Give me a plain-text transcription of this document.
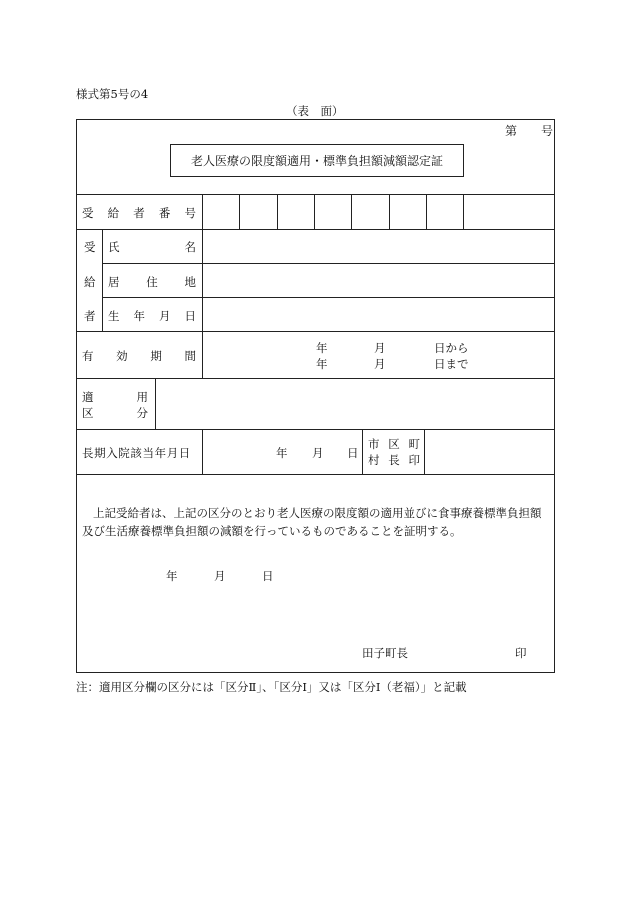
様式第5号の4
（表　面）
第　　号
老人医療の限度額適用・標準負担額減額認定証
受 給 者 番 号
受
給
者
氏	名
居 住 地
生 年 月 日
有 効 期 間
年	月	日から
年	月	日まで
適	用
区	分
長期入院該当年月日	年 月 日
市 区 町
村 長 印
上記受給者は、上記の区分のとおり老人医療の限度額の適用並びに食事療養標準負担額及び生活療養標準負担額の減額を行っているものであることを証明する。
年	月	日
田子町長	印
注：適用区分欄の区分には「区分Ⅱ」、「区分Ⅰ」又は「区分Ⅰ（老福）」と記載
